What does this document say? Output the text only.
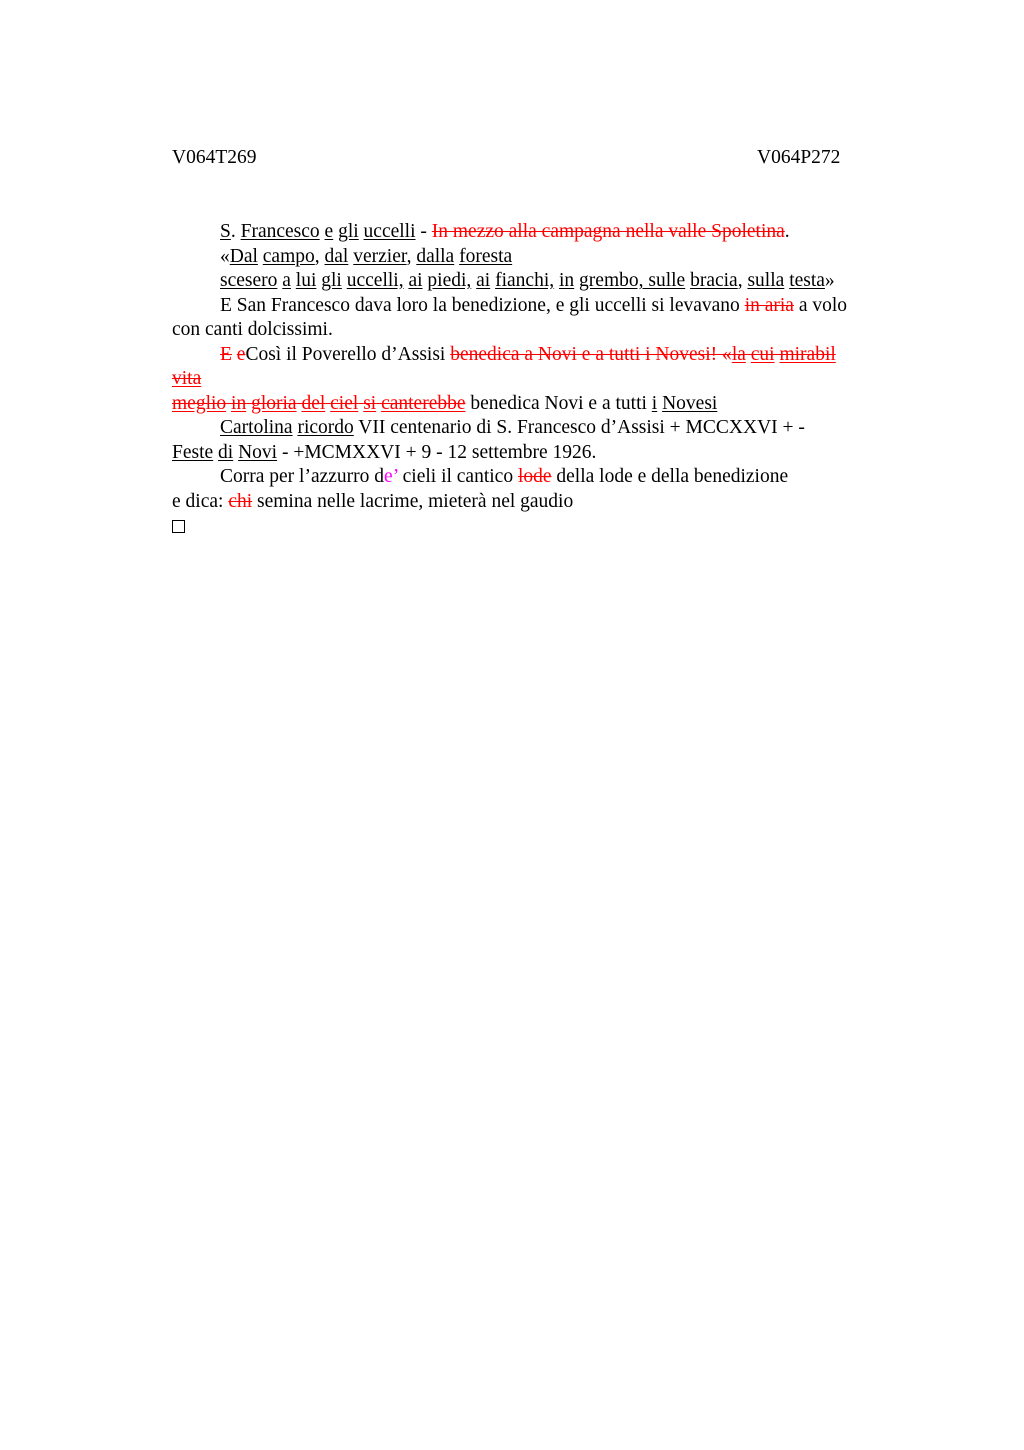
V064T269	V064P272
S. Francesco e gli uccelli - In mezzo alla campagna nella valle Spoletina.
«Dal campo, dal verzier, dalla foresta
scesero a lui gli uccelli, ai piedi, ai fianchi, in grembo, sulle bracia, sulla testa»
E San Francesco dava loro la benedizione, e gli uccelli si levavano in aria a volo
con canti dolcissimi.
E eCosì il Poverello d’Assisi benedica a Novi e a tutti i Novesi! «la cui mirabil
vita
meglio in gloria del ciel si canterebbe benedica Novi e a tutti i Novesi
Cartolina ricordo VII centenario di S. Francesco d’Assisi + MCCXXVI + -
Feste di Novi - +MCMXXVI + 9 - 12 settembre 1926.
Corra per l’azzurro de’ cieli il cantico lode della lode e della benedizione
e dica: chi semina nelle lacrime, mieterà nel gaudio
